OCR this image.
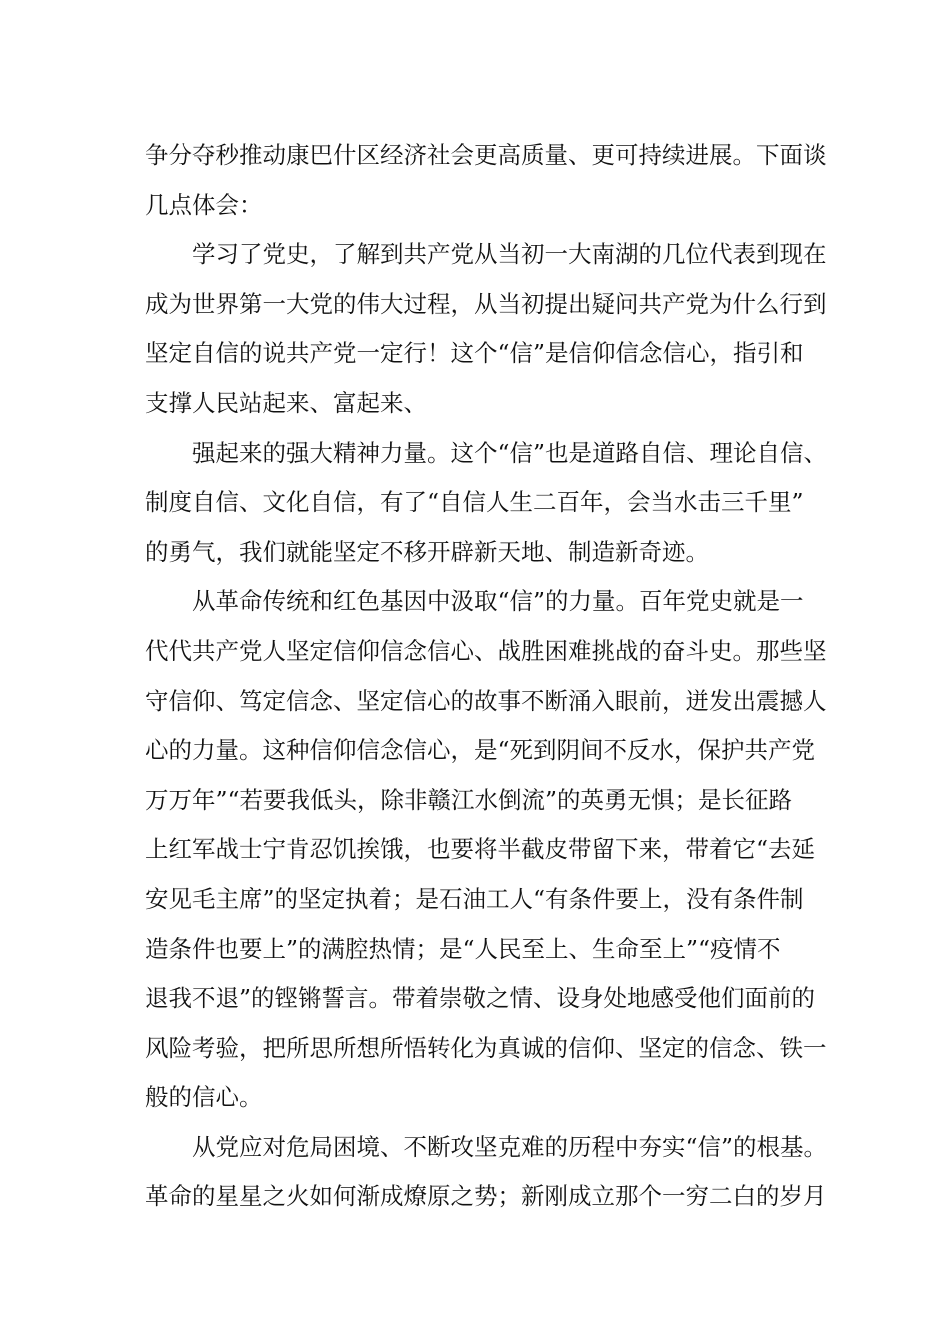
争分夺秒推动康巴什区经济社会更高质量、更可持续进展。下面谈
几点体会：
学习了党史，了解到共产党从当初一大南湖的几位代表到现在
成为世界第一大党的伟大过程，从当初提出疑问共产党为什么行到
坚定自信的说共产党一定行！这个“信”是信仰信念信心，指引和
支撑人民站起来、富起来、
强起来的强大精神力量。这个“信”也是道路自信、理论自信、
制度自信、文化自信，有了“自信人生二百年，会当水击三千里”
的勇气，我们就能坚定不移开辟新天地、制造新奇迹。
从革命传统和红色基因中汲取“信”的力量。百年党史就是一
代代共产党人坚定信仰信念信心、战胜困难挑战的奋斗史。那些坚
守信仰、笃定信念、坚定信心的故事不断涌入眼前，迸发出震撼人
心的力量。这种信仰信念信心，是“死到阴间不反水，保护共产党
万万年”“若要我低头，除非赣江水倒流”的英勇无惧；是长征路
上红军战士宁肯忍饥挨饿，也要将半截皮带留下来，带着它“去延
安见毛主席”的坚定执着；是石油工人“有条件要上，没有条件制
造条件也要上”的满腔热情；是“人民至上、生命至上”“疫情不
退我不退”的铿锵誓言。带着崇敬之情、设身处地感受他们面前的
风险考验，把所思所想所悟转化为真诚的信仰、坚定的信念、铁一
般的信心。
从党应对危局困境、不断攻坚克难的历程中夯实“信”的根基。
革命的星星之火如何渐成燎原之势；新刚成立那个一穷二白的岁月
